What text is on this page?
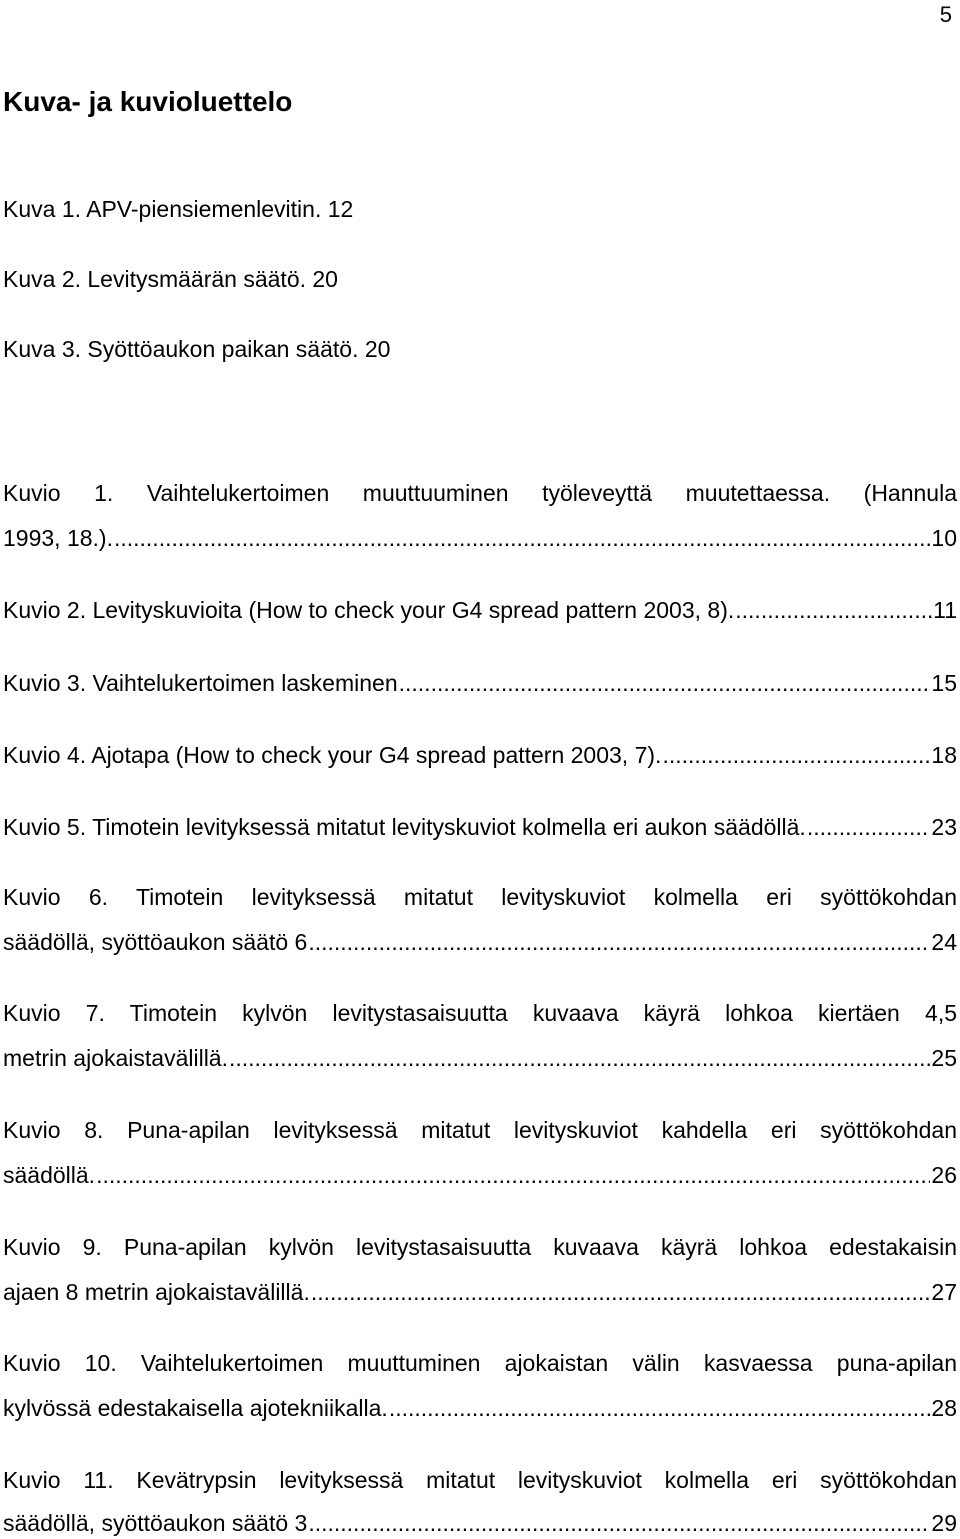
5
Kuva- ja kuvioluettelo
Kuva 1. APV-piensiemenlevitin. 12
Kuva 2. Levitysmäärän säätö. 20
Kuva 3. Syöttöaukon paikan säätö. 20
Kuvio 1. Vaihtelukertoimen muuttuuminen työleveyttä muutettaessa. (Hannula
1993, 18.). .....	10
Kuvio 2. Levityskuvioita (How to check your G4 spread pattern 2003, 8). .....	11
Kuvio 3. Vaihtelukertoimen laskeminen .....	15
Kuvio 4. Ajotapa (How to check your G4 spread pattern 2003, 7). .....	18
Kuvio 5. Timotein levityksessä mitatut levityskuviot kolmella eri aukon säädöllä. .....	23
Kuvio 6. Timotein levityksessä mitatut levityskuviot kolmella eri syöttökohdan
säädöllä, syöttöaukon säätö 6 .....	24
Kuvio 7. Timotein kylvön levitystasaisuutta kuvaava käyrä lohkoa kiertäen 4,5
metrin ajokaistavälillä. .....	25
Kuvio 8. Puna-apilan levityksessä mitatut levityskuviot kahdella eri syöttökohdan
säädöllä. .....	26
Kuvio 9. Puna-apilan kylvön levitystasaisuutta kuvaava käyrä lohkoa edestakaisin
ajaen 8 metrin ajokaistavälillä. .....	27
Kuvio 10. Vaihtelukertoimen muuttuminen ajokaistan välin kasvaessa puna-apilan
kylvössä edestakaisella ajotekniikalla. .....	28
Kuvio 11. Kevätrypsin levityksessä mitatut levityskuviot kolmella eri syöttökohdan
säädöllä, syöttöaukon säätö 3 .....	29
